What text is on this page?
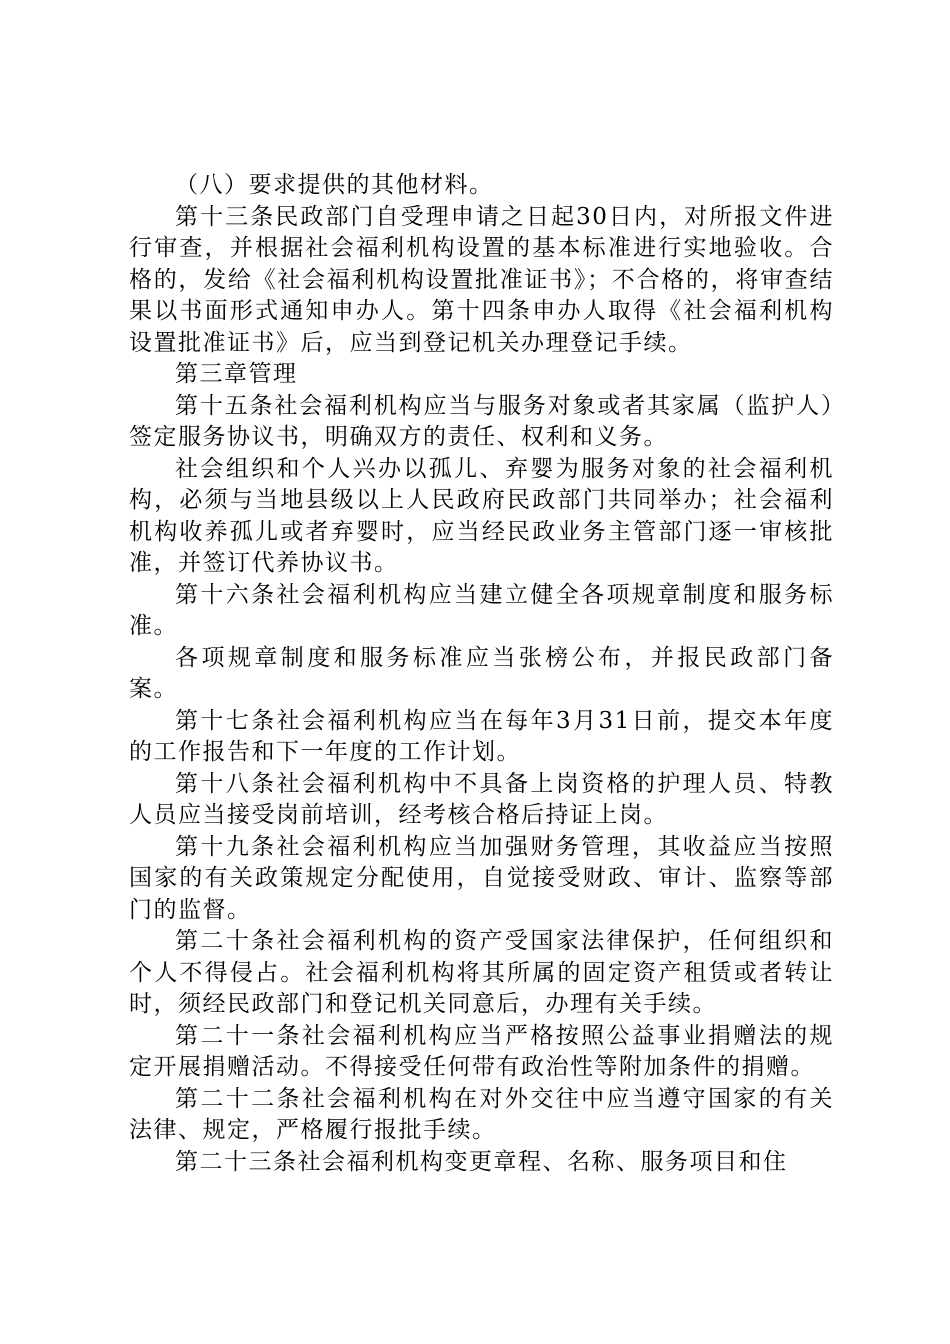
（八）要求提供的其他材料。

第十三条民政部门自受理申请之日起30日内，对所报文件进行审查，并根据社会福利机构设置的基本标准进行实地验收。合格的，发给《社会福利机构设置批准证书》；不合格的，将审查结果以书面形式通知申办人。第十四条申办人取得《社会福利机构设置批准证书》后，应当到登记机关办理登记手续。

第三章管理

第十五条社会福利机构应当与服务对象或者其家属（监护人）签定服务协议书，明确双方的责任、权利和义务。

社会组织和个人兴办以孤儿、弃婴为服务对象的社会福利机构，必须与当地县级以上人民政府民政部门共同举办；社会福利机构收养孤儿或者弃婴时，应当经民政业务主管部门逐一审核批准，并签订代养协议书。

第十六条社会福利机构应当建立健全各项规章制度和服务标准。

各项规章制度和服务标准应当张榜公布，并报民政部门备案。

第十七条社会福利机构应当在每年3月31日前，提交本年度的工作报告和下一年度的工作计划。

第十八条社会福利机构中不具备上岗资格的护理人员、特教人员应当接受岗前培训，经考核合格后持证上岗。

第十九条社会福利机构应当加强财务管理，其收益应当按照国家的有关政策规定分配使用，自觉接受财政、审计、监察等部门的监督。

第二十条社会福利机构的资产受国家法律保护，任何组织和个人不得侵占。社会福利机构将其所属的固定资产租赁或者转让时，须经民政部门和登记机关同意后，办理有关手续。

第二十一条社会福利机构应当严格按照公益事业捐赠法的规定开展捐赠活动。不得接受任何带有政治性等附加条件的捐赠。

第二十二条社会福利机构在对外交往中应当遵守国家的有关法律、规定，严格履行报批手续。

第二十三条社会福利机构变更章程、名称、服务项目和住
